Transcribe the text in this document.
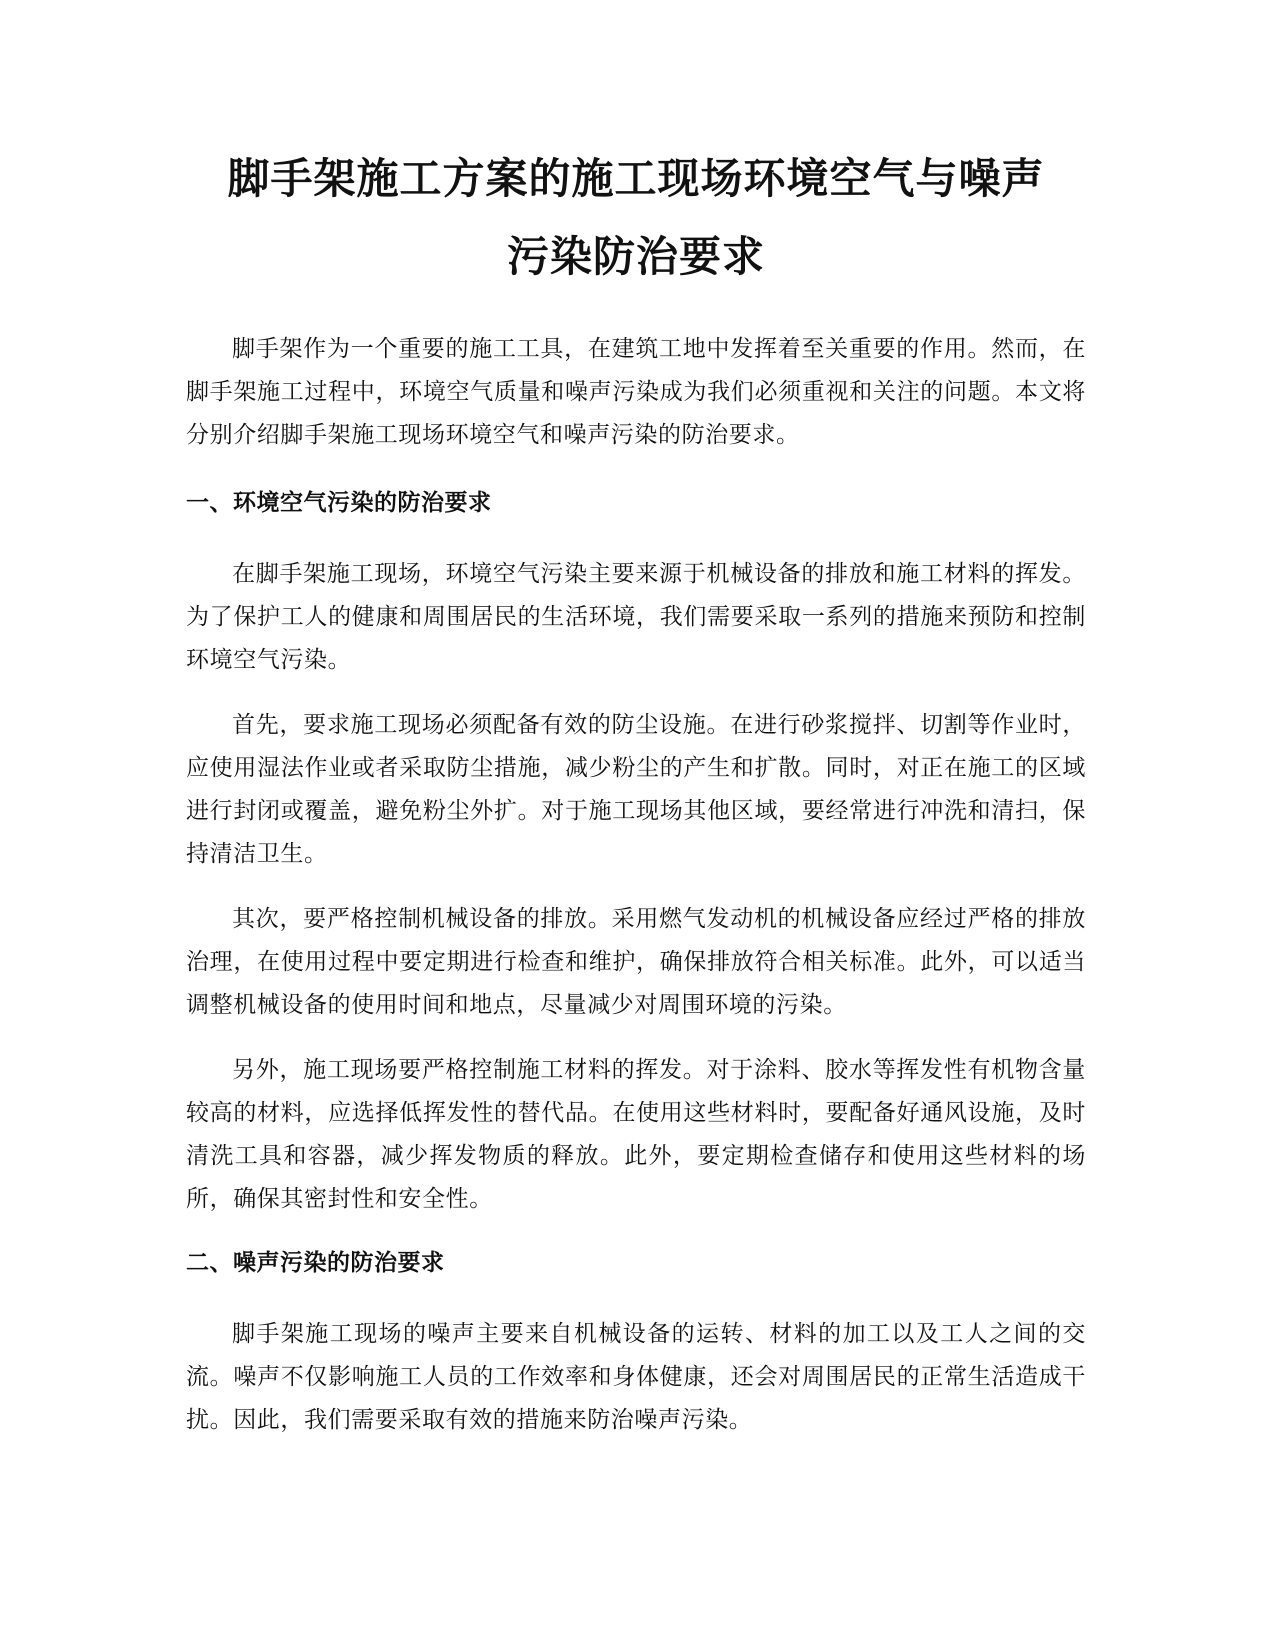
脚手架施工方案的施工现场环境空气与噪声
污染防治要求

脚手架作为一个重要的施工工具，在建筑工地中发挥着至关重要的作用。然而，在脚手架施工过程中，环境空气质量和噪声污染成为我们必须重视和关注的问题。本文将分别介绍脚手架施工现场环境空气和噪声污染的防治要求。

一、环境空气污染的防治要求

在脚手架施工现场，环境空气污染主要来源于机械设备的排放和施工材料的挥发。为了保护工人的健康和周围居民的生活环境，我们需要采取一系列的措施来预防和控制环境空气污染。

首先，要求施工现场必须配备有效的防尘设施。在进行砂浆搅拌、切割等作业时，应使用湿法作业或者采取防尘措施，减少粉尘的产生和扩散。同时，对正在施工的区域进行封闭或覆盖，避免粉尘外扩。对于施工现场其他区域，要经常进行冲洗和清扫，保持清洁卫生。

其次，要严格控制机械设备的排放。采用燃气发动机的机械设备应经过严格的排放治理，在使用过程中要定期进行检查和维护，确保排放符合相关标准。此外，可以适当调整机械设备的使用时间和地点，尽量减少对周围环境的污染。

另外，施工现场要严格控制施工材料的挥发。对于涂料、胶水等挥发性有机物含量较高的材料，应选择低挥发性的替代品。在使用这些材料时，要配备好通风设施，及时清洗工具和容器，减少挥发物质的释放。此外，要定期检查储存和使用这些材料的场所，确保其密封性和安全性。

二、噪声污染的防治要求

脚手架施工现场的噪声主要来自机械设备的运转、材料的加工以及工人之间的交流。噪声不仅影响施工人员的工作效率和身体健康，还会对周围居民的正常生活造成干扰。因此，我们需要采取有效的措施来防治噪声污染。
